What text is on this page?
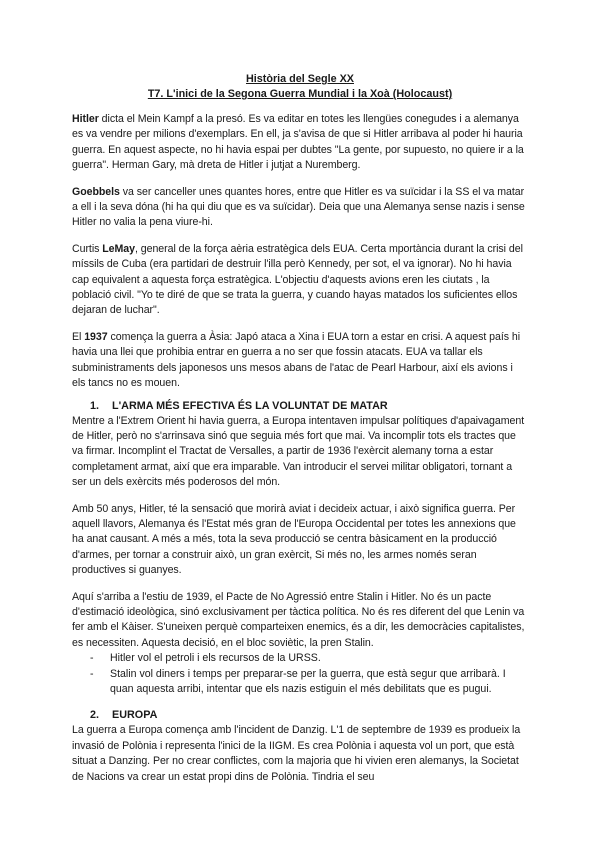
Història del Segle XX
T7. L'inici de la Segona Guerra Mundial i la Xoà (Holocaust)

Hitler dicta el Mein Kampf a la presó. Es va editar en totes les llengües conegudes i a alemanya es va vendre per milions d'exemplars. En ell, ja s'avisa de que si Hitler arribava al poder hi hauria guerra. En aquest aspecte, no hi havia espai per dubtes "La gente, por supuesto, no quiere ir a la guerra". Herman Gary, mà dreta de Hitler i jutjat a Nuremberg.

Goebbels va ser canceller unes quantes hores, entre que Hitler es va suïcidar i la SS el va matar a ell i la seva dóna (hi ha qui diu que es va suïcidar). Deia que una Alemanya sense nazis i sense Hitler no valia la pena viure-hi.

Curtis LeMay, general de la força aèria estratègica dels EUA. Certa mportància durant la crisi del míssils de Cuba (era partidari de destruir l'illa però Kennedy, per sot, el va ignorar). No hi havia cap equivalent a aquesta força estratègica. L'objectiu d'aquests avions eren les ciutats , la població civil. "Yo te diré de que se trata la guerra, y cuando hayas matados los suficientes ellos dejaran de luchar".

El 1937 comença la guerra a Àsia: Japó ataca a Xina i EUA torn a estar en crisi. A aquest país hi havia una llei que prohibia entrar en guerra a no ser que fossin atacats. EUA va tallar els subministraments dels japonesos uns mesos abans de l'atac de Pearl Harbour, així els avions i els tancs no es mouen.

1. L'ARMA MÉS EFECTIVA ÉS LA VOLUNTAT DE MATAR

Mentre a l'Extrem Orient hi havia guerra, a Europa intentaven impulsar polítiques d'apaivagament de Hitler, però no s'arrinsava sinó que seguia més fort que mai. Va incomplir tots els tractes que va firmar. Incomplint el Tractat de Versalles, a partir de 1936 l'exèrcit alemany torna a estar completament armat, així que era imparable. Van introducir el servei militar obligatori, tornant a ser un dels exèrcits més poderosos del món.

Amb 50 anys, Hitler, té la sensació que morirà aviat i decideix actuar, i això significa guerra. Per aquell llavors, Alemanya és l'Estat més gran de l'Europa Occidental per totes les annexions que ha anat causant. A més a més, tota la seva producció se centra bàsicament en la producció d'armes, per tornar a construir això, un gran exèrcit, Si més no, les armes només seran productives si guanyes.

Aquí s'arriba a l'estiu de 1939, el Pacte de No Agressió entre Stalin i Hitler. No és un pacte d'estimació ideològica, sinó exclusivament per tàctica política. No és res diferent del que Lenin va fer amb el Kàiser. S'uneixen perquè comparteixen enemics, és a dir, les democràcies capitalistes, es necessiten. Aquesta decisió, en el bloc soviètic, la pren Stalin.

- Hitler vol el petroli i els recursos de la URSS.
- Stalin vol diners i temps per preparar-se per la guerra, que està segur que arribarà. I quan aquesta arribi, intentar que els nazis estiguin el més debilitats que es pugui.
2. EUROPA

La guerra a Europa comença amb l'incident de Danzig. L'1 de septembre de 1939 es produeix la invasió de Polònia i representa l'inici de la IIGM. Es crea Polònia i aquesta vol un port, que està situat a Danzing. Per no crear conflictes, com la majoria que hi vivien eren alemanys, la Societat de Nacions va crear un estat propi dins de Polònia. Tindria el seu
